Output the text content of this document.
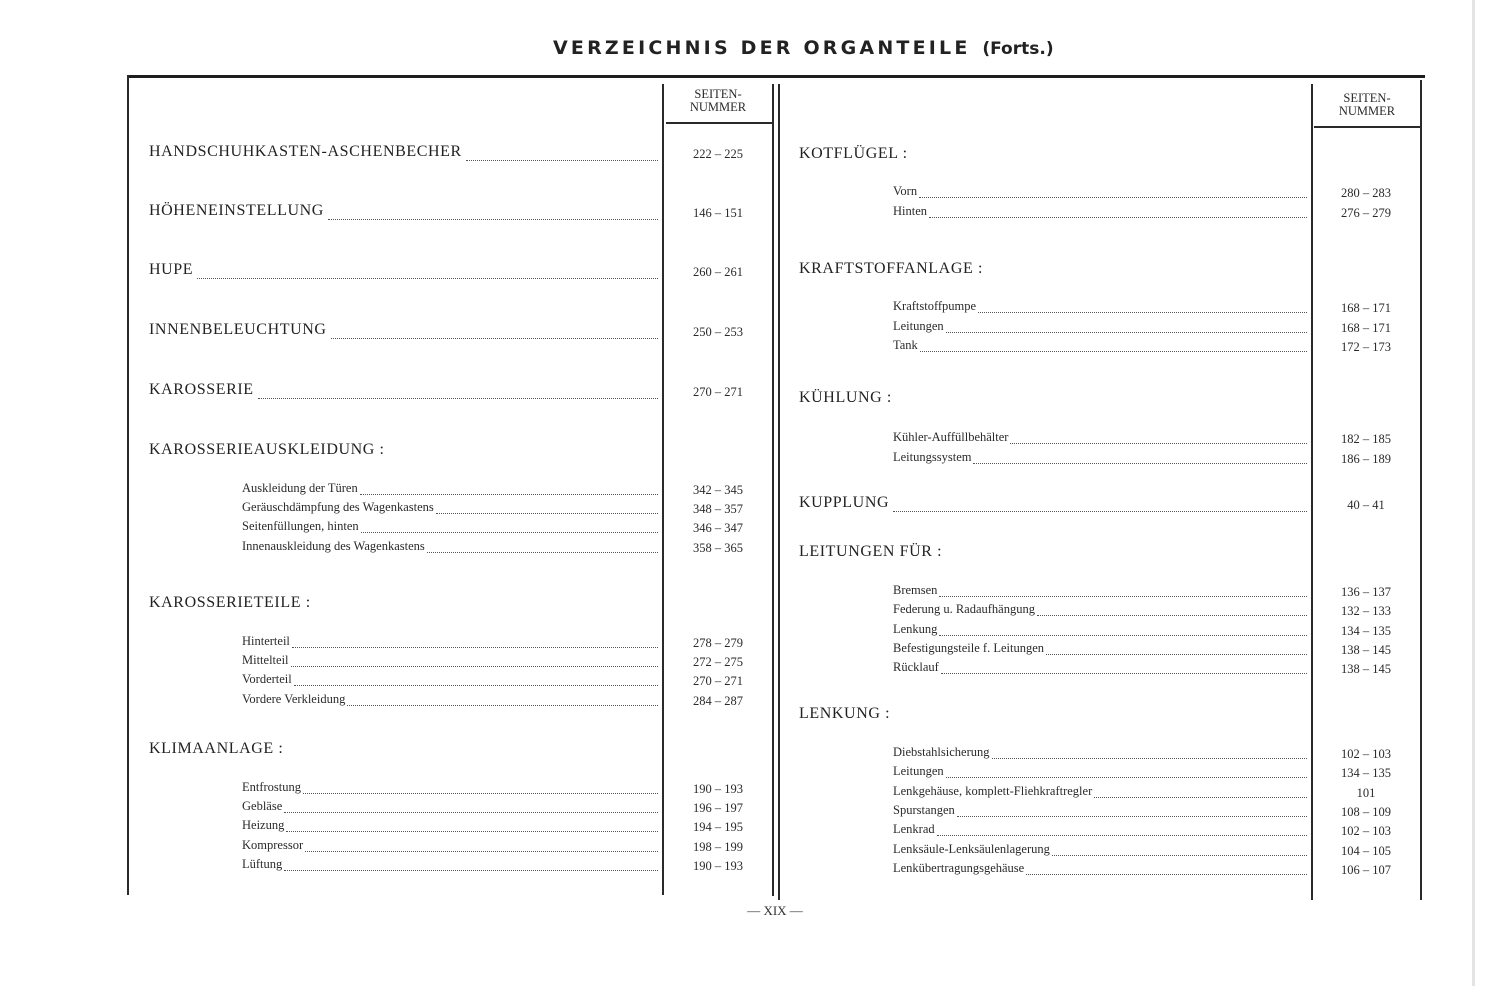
VERZEICHNIS DER ORGANTEILE (Forts.)
SEITEN-
NUMMER
SEITEN-
NUMMER
HANDSCHUHKASTEN-ASCHENBECHER	222 – 225
HÖHENEINSTELLUNG	146 – 151
HUPE	260 – 261
INNENBELEUCHTUNG	250 – 253
KAROSSERIE	270 – 271
KAROSSERIEAUSKLEIDUNG :
Auskleidung der Türen	342 – 345
Geräuschdämpfung des Wagenkastens	348 – 357
Seitenfüllungen, hinten	346 – 347
Innenauskleidung des Wagenkastens	358 – 365
KAROSSERIETEILE :
Hinterteil	278 – 279
Mittelteil	272 – 275
Vorderteil	270 – 271
Vordere Verkleidung	284 – 287
KLIMAANLAGE :
Entfrostung	190 – 193
Gebläse	196 – 197
Heizung	194 – 195
Kompressor	198 – 199
Lüftung	190 – 193
KOTFLÜGEL :
Vorn	280 – 283
Hinten	276 – 279
KRAFTSTOFFANLAGE :
Kraftstoffpumpe	168 – 171
Leitungen	168 – 171
Tank	172 – 173
KÜHLUNG :
Kühler-Auffüllbehälter	182 – 185
Leitungssystem	186 – 189
KUPPLUNG	40 – 41
LEITUNGEN FÜR :
Bremsen	136 – 137
Federung u. Radaufhängung	132 – 133
Lenkung	134 – 135
Befestigungsteile f. Leitungen	138 – 145
Rücklauf	138 – 145
LENKUNG :
Diebstahlsicherung	102 – 103
Leitungen	134 – 135
Lenkgehäuse, komplett-Fliehkraftregler	101
Spurstangen	108 – 109
Lenkrad	102 – 103
Lenksäule-Lenksäulenlagerung	104 – 105
Lenkübertragungsgehäuse	106 – 107
— XIX —
